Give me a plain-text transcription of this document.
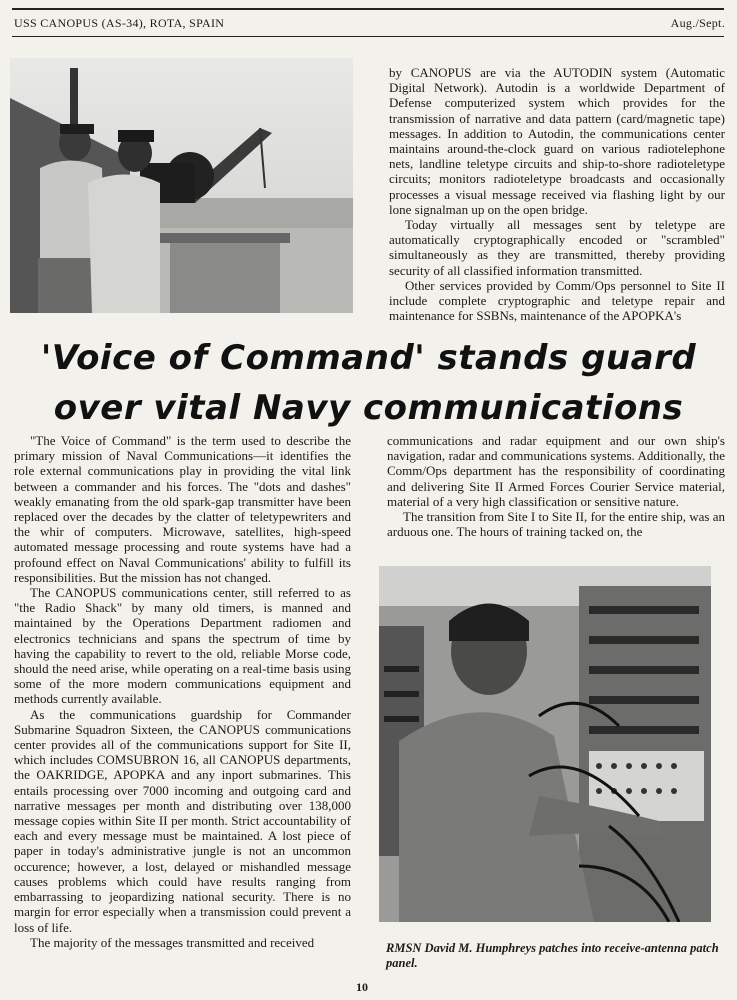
USS CANOPUS (AS-34), ROTA, SPAIN	Aug./Sept.

by CANOPUS are via the AUTODIN system (Automatic Digital Network). Autodin is a worldwide Department of Defense computerized system which provides for the transmission of narrative and data pattern (card/magnetic tape) messages. In addition to Autodin, the communications center maintains around-the-clock guard on various radiotelephone nets, landline teletype circuits and ship-to-shore radioteletype circuits; monitors radioteletype broadcasts and occasionally processes a visual message received via flashing light by our lone signalman up on the open bridge.

Today virtually all messages sent by teletype are automatically cryptographically encoded or "scrambled" simultaneously as they are transmitted, thereby providing security of all classified information transmitted.

Other services provided by Comm/Ops personnel to Site II include complete cryptographic and teletype repair and maintenance for SSBNs, maintenance of the APOPKA's

'Voice of Command' stands guard
over vital Navy communications

"The Voice of Command" is the term used to describe the primary mission of Naval Communications—it identifies the role external communications play in providing the vital link between a commander and his forces. The "dots and dashes" weakly emanating from the old spark-gap transmitter have been replaced over the decades by the clatter of teletypewriters and the whir of computers. Microwave, satellites, high-speed automated message processing and route systems have had a profound effect on Naval Communications' ability to fulfill its responsibilities. But the mission has not changed.

The CANOPUS communications center, still referred to as "the Radio Shack" by many old timers, is manned and maintained by the Operations Department radiomen and electronics technicians and spans the spectrum of time by having the capability to revert to the old, reliable Morse code, should the need arise, while operating on a real-time basis using some of the more modern communications equipment and methods currently available.

As the communications guardship for Commander Submarine Squadron Sixteen, the CANOPUS communications center provides all of the communications support for Site II, which includes COMSUBRON 16, all CANOPUS departments, the OAKRIDGE, APOPKA and any inport submarines. This entails processing over 7000 incoming and outgoing card and narrative messages per month and distributing over 138,000 message copies within Site II per month. Strict accountability of each and every message must be maintained. A lost piece of paper in today's administrative jungle is not an uncommon occurence; however, a lost, delayed or mishandled message causes problems which could have results ranging from embarrassing to jeopardizing national security. There is no margin for error especially when a transmission could prevent a loss of life.

The majority of the messages transmitted and received

communications and radar equipment and our own ship's navigation, radar and communications systems. Additionally, the Comm/Ops department has the responsibility of coordinating and delivering Site II Armed Forces Courier Service material, material of a very high classification or sensitive nature.

The transition from Site I to Site II, for the entire ship, was an arduous one. The hours of training tacked on, the

RMSN David M. Humphreys patches into receive-antenna patch panel.
10
